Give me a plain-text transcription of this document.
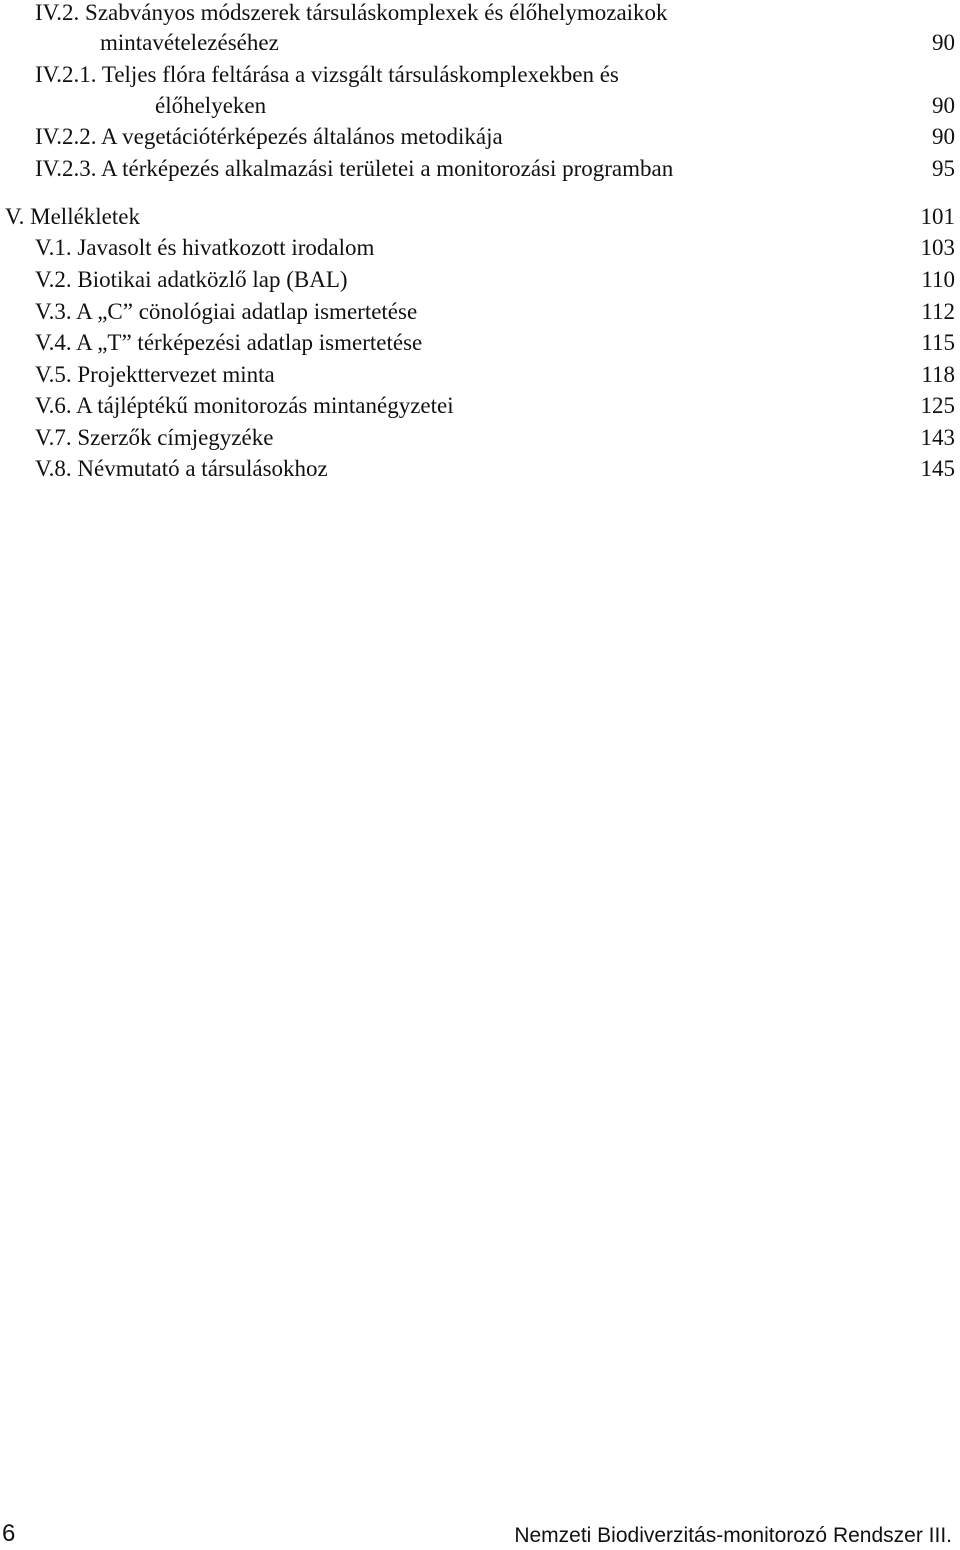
IV.2. Szabványos módszerek társuláskomplexek és élőhelymozaikok
mintavételezéséhez	90
IV.2.1. Teljes flóra feltárása a vizsgált társuláskomplexekben és
élőhelyeken	90
IV.2.2. A vegetációtérképezés általános metodikája	90
IV.2.3. A térképezés alkalmazási területei a monitorozási programban	95
V. Mellékletek	101
V.1. Javasolt és hivatkozott irodalom	103
V.2. Biotikai adatközlő lap (BAL)	110
V.3. A „C” cönológiai adatlap ismertetése	112
V.4. A „T” térképezési adatlap ismertetése	115
V.5. Projekttervezet minta	118
V.6. A tájléptékű monitorozás mintanégyzetei	125
V.7. Szerzők címjegyzéke	143
V.8. Névmutató a társulásokhoz	145
6	Nemzeti Biodiverzitás-monitorozó Rendszer III.
